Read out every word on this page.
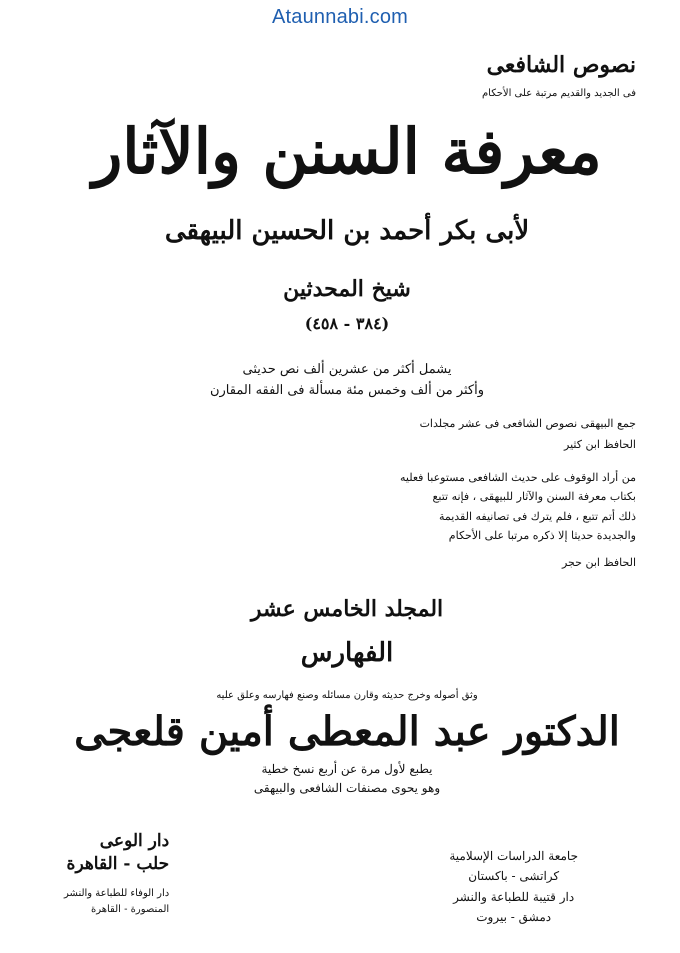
Ataunnabi.com
نصوص الشافعى
فى الجديد والقديم مرتبة على الأحكام
معرفة السنن والآثار
لأبى بكر أحمد بن الحسين البيهقى
شيخ المحدثين
(٣٨٤ - ٤٥٨)
يشمل أكثر من عشرين ألف نص حديثى
وأكثر من ألف وخمس مئة مسألة فى الفقه المقارن
جمع البيهقى نصوص الشافعى فى عشر مجلدات
الحافظ ابن كثير
من أراد الوقوف على حديث الشافعى مستوعبا فعليه
بكتاب معرفة السنن والآثار للبيهقى ، فإنه تتبع
ذلك أتم تتبع ، فلم يترك فى تصانيفه القديمة
والجديدة حديثا إلا ذكره مرتبا على الأحكام
الحافظ ابن حجر
المجلد الخامس عشر
الفهارس
وثق أصوله وخرج حديثه وقارن مسائله وصنع فهارسه وعلق عليه
الدكتور عبد المعطى أمين قلعجى
يطبع لأول مرة عن أربع نسخ خطية
وهو يحوى مصنفات الشافعى والبيهقى
جامعة الدراسات الإسلامية
كراتشى - باكستان
دار قتيبة للطباعة والنشر
دمشق - بيروت
دار الوعى
حلب - القاهرة
دار الوفاء للطباعة والنشر
المنصورة - القاهرة
